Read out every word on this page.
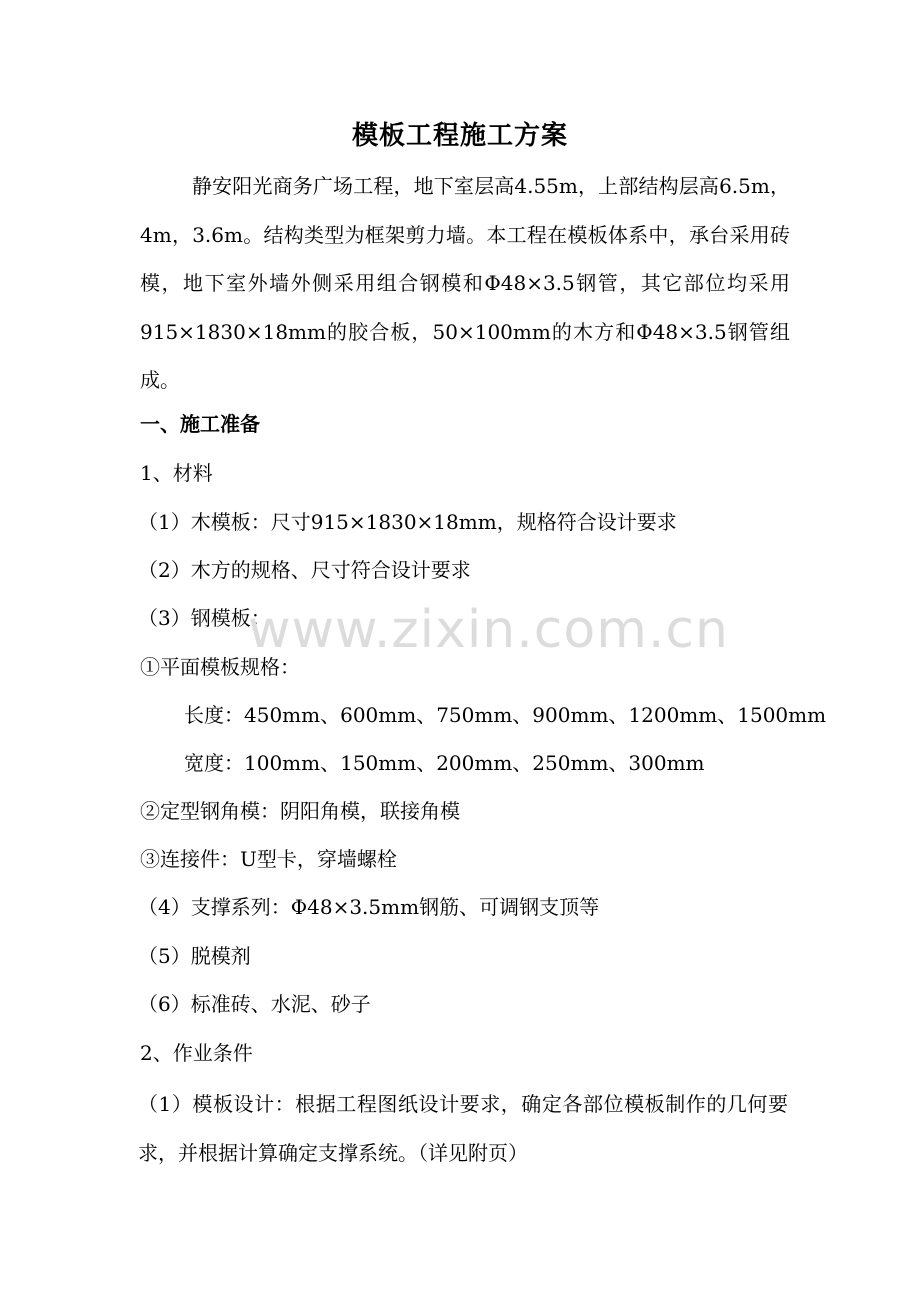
模板工程施工方案

静安阳光商务广场工程，地下室层高4.55m，上部结构层高6.5m，4m，3.6m。结构类型为框架剪力墙。本工程在模板体系中，承台采用砖模，地下室外墙外侧采用组合钢模和Φ48×3.5钢管，其它部位均采用915×1830×18mm的胶合板，50×100mm的木方和Φ48×3.5钢管组成。

一、施工准备
1、材料
（1）木模板：尺寸915×1830×18mm，规格符合设计要求
（2）木方的规格、尺寸符合设计要求
（3）钢模板：
①平面模板规格：
长度：450mm、600mm、750mm、900mm、1200mm、1500mm
宽度：100mm、150mm、200mm、250mm、300mm
②定型钢角模：阴阳角模，联接角模
③连接件：U型卡，穿墙螺栓
（4）支撑系列：Φ48×3.5mm钢筋、可调钢支顶等
（5）脱模剂
（6）标准砖、水泥、砂子
2、作业条件

（1）模板设计：根据工程图纸设计要求，确定各部位模板制作的几何要求，并根据计算确定支撑系统。（详见附页）

www.zixin.com.cn
